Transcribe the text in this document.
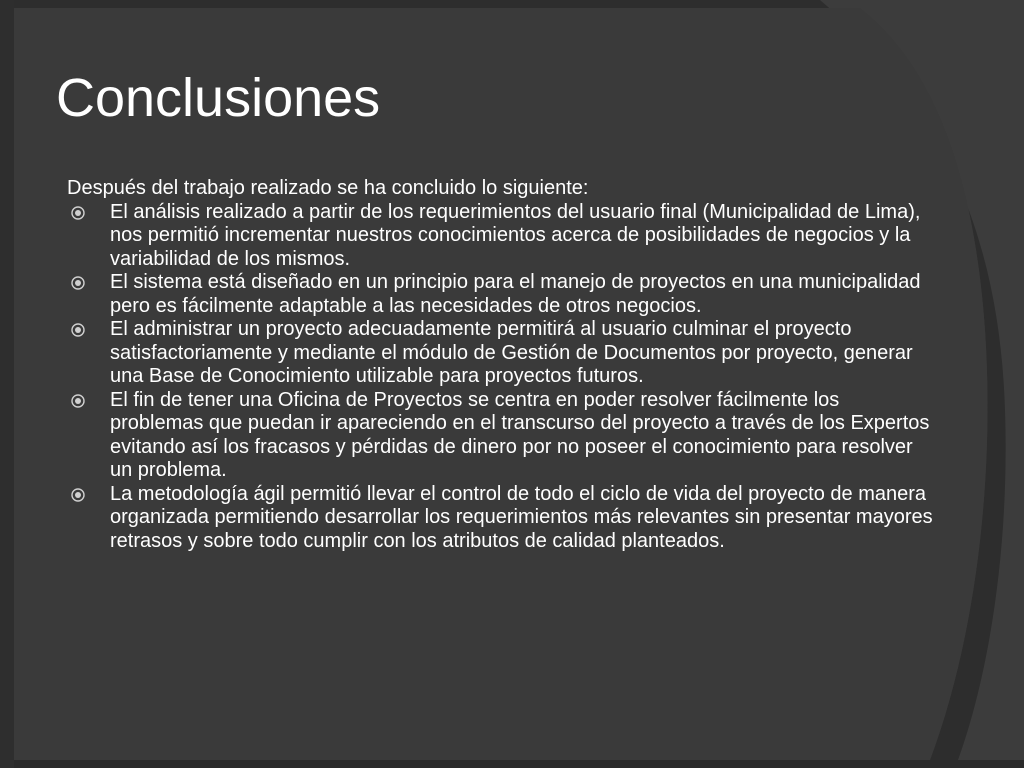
Conclusiones

Después del trabajo realizado se ha concluido lo siguiente:

El análisis realizado a partir de los requerimientos del usuario final (Municipalidad de Lima), nos permitió incrementar nuestros conocimientos acerca de posibilidades de negocios y la variabilidad de los mismos.
El sistema está diseñado en un principio para el manejo de proyectos en una municipalidad pero es fácilmente adaptable a las necesidades de otros negocios.
El administrar un proyecto adecuadamente permitirá al usuario culminar el proyecto satisfactoriamente y mediante el módulo de Gestión de Documentos por proyecto, generar una Base de Conocimiento utilizable para proyectos futuros.
El fin de tener una Oficina de Proyectos se centra en poder resolver fácilmente los problemas que puedan ir apareciendo en el transcurso del proyecto a través de los Expertos evitando así los fracasos y pérdidas de dinero por no poseer el conocimiento para resolver un problema.
La metodología ágil permitió llevar el control de todo el ciclo de vida del proyecto de manera organizada permitiendo desarrollar los requerimientos más relevantes sin presentar mayores retrasos y sobre todo cumplir con los atributos de calidad planteados.
